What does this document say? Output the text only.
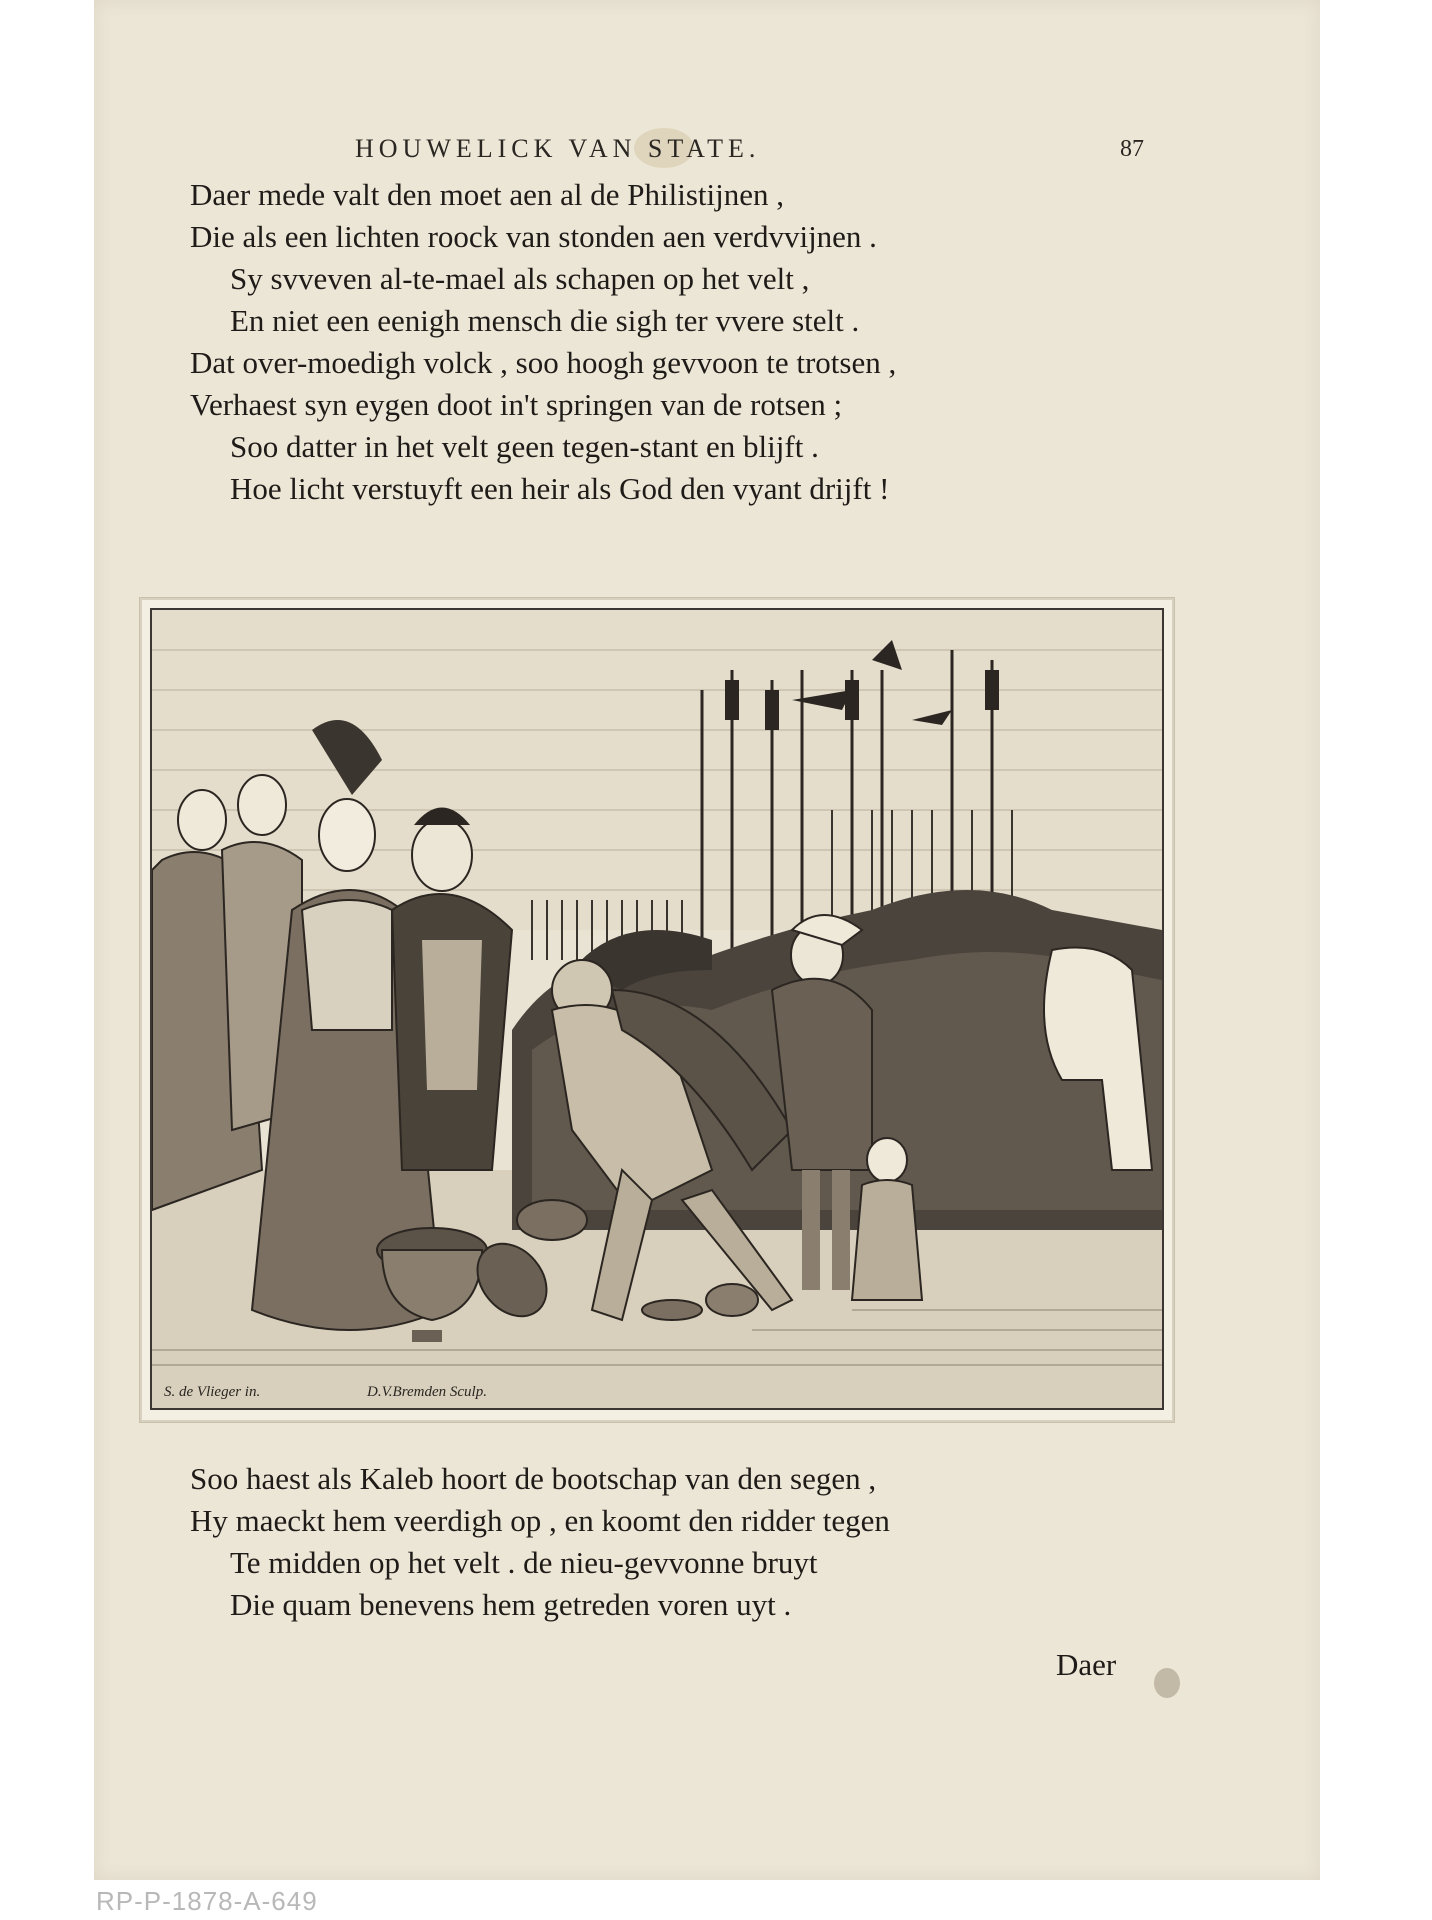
HOUWELICK VAN STATE.	87
Daer mede valt den moet aen al de Philistijnen ,
Die als een lichten roock van stonden aen verdvvijnen .
Sy svveven al-te-mael als schapen op het velt ,
En niet een eenigh mensch die sigh ter vvere stelt .
Dat over-moedigh volck , soo hoogh gevvoon te trotsen ,
Verhaest syn eygen doot in't springen van de rotsen ;
Soo datter in het velt geen tegen-stant en blijft .
Hoe licht verstuyft een heir als God den vyant drijft !
S. de Vlieger in.	D.V.Bremden Sculp.
Soo haest als Kaleb hoort de bootschap van den segen ,
Hy maeckt hem veerdigh op , en koomt den ridder tegen
Te midden op het velt . de nieu-gevvonne bruyt
Die quam benevens hem getreden voren uyt .
Daer
RP-P-1878-A-649
